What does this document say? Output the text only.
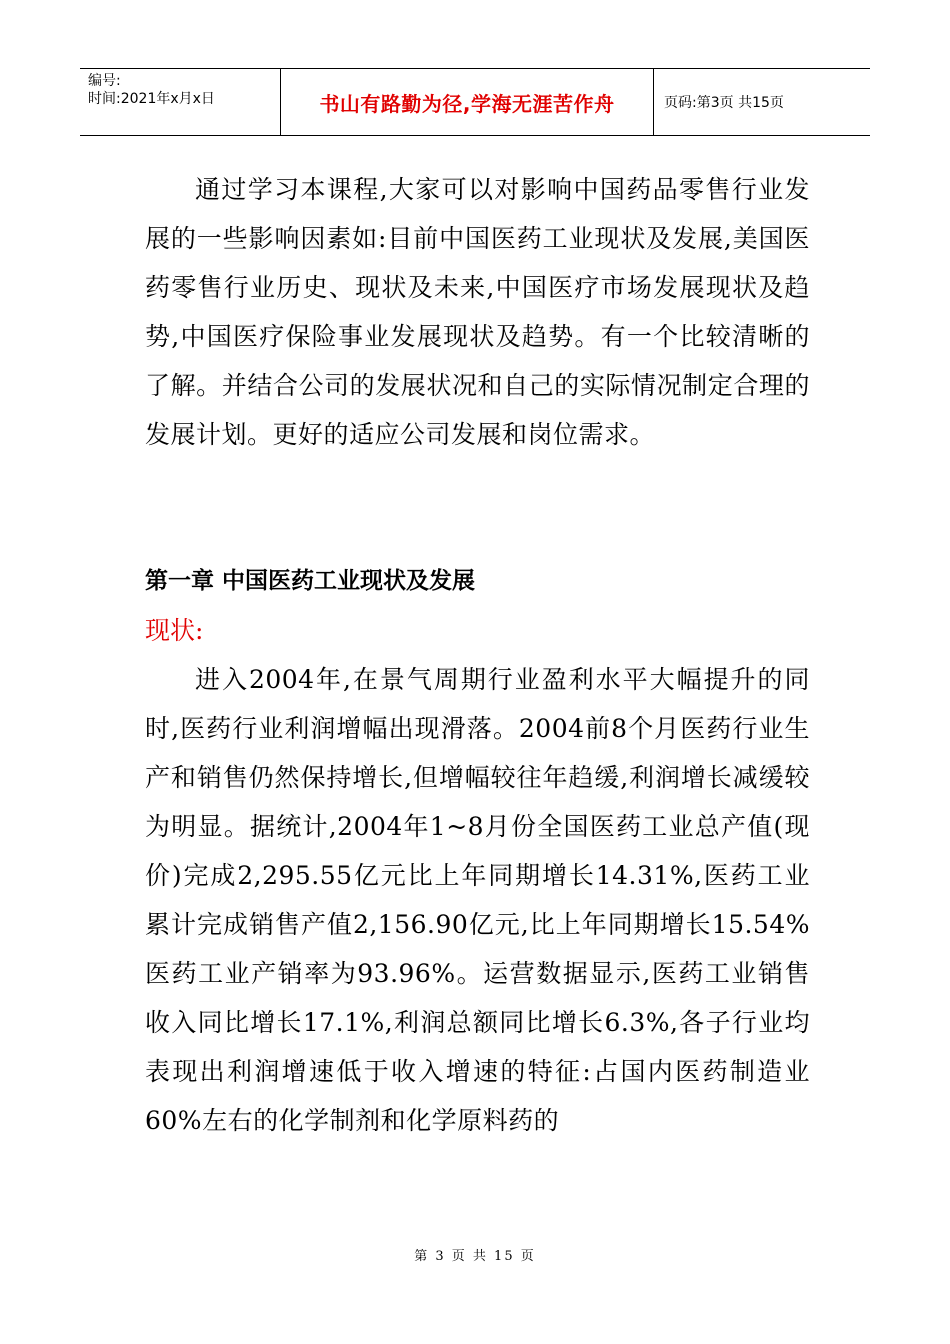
编号:
时间:2021年x月x日	书山有路勤为径,学海无涯苦作舟	页码:第3页 共15页

通过学习本课程,大家可以对影响中国药品零售行业发展的一些影响因素如:目前中国医药工业现状及发展,美国医药零售行业历史、现状及未来,中国医疗市场发展现状及趋势,中国医疗保险事业发展现状及趋势。有一个比较清晰的了解。并结合公司的发展状况和自己的实际情况制定合理的发展计划。更好的适应公司发展和岗位需求。

第一章 中国医药工业现状及发展

现状:

进入2004年,在景气周期行业盈利水平大幅提升的同时,医药行业利润增幅出现滑落。2004前8个月医药行业生产和销售仍然保持增长,但增幅较往年趋缓,利润增长减缓较为明显。据统计,2004年1~8月份全国医药工业总产值(现价)完成2,295.55亿元比上年同期增长14.31%,医药工业累计完成销售产值2,156.90亿元,比上年同期增长15.54%医药工业产销率为93.96%。运营数据显示,医药工业销售收入同比增长17.1%,利润总额同比增长6.3%,各子行业均表现出利润增速低于收入增速的特征:占国内医药制造业60%左右的化学制剂和化学原料药的

第 3 页 共 15 页
